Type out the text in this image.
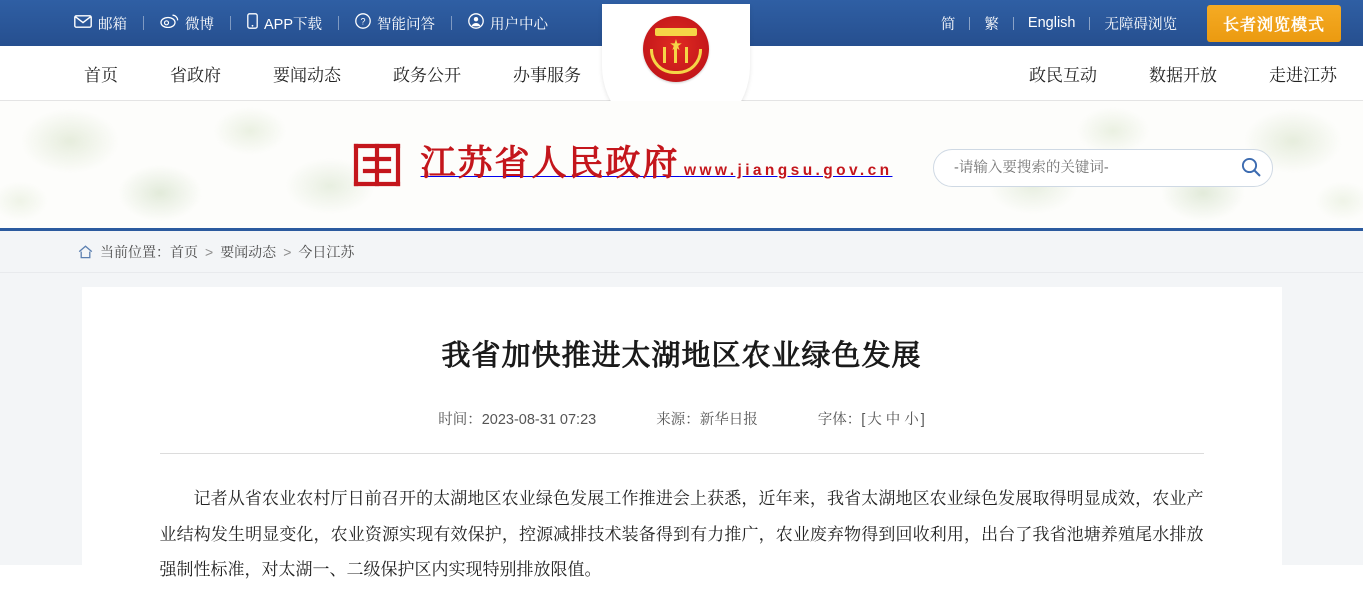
邮箱	微博	APP下载	? 智能问答	用户中心	简	繁	English	无障碍浏览	长者浏览模式
首页	省政府	要闻动态	政务公开	办事服务
★
政民互动	数据开放	走进江苏
江苏省人民政府 www.jiangsu.gov.cn
-请输入要搜索的关键词-
当前位置： 首页 > 要闻动态 > 今日江苏
我省加快推进太湖地区农业绿色发展
时间：2023-08-31 07:23	来源：新华日报	字体：[ 大 中 小 ]

记者从省农业农村厅日前召开的太湖地区农业绿色发展工作推进会上获悉，近年来，我省太湖地区农业绿色发展取得明显成效，农业产业结构发生明显变化，农业资源实现有效保护，控源减排技术装备得到有力推广，农业废弃物得到回收利用，出台了我省池塘养殖尾水排放强制性标准，对太湖一、二级保护区内实现特别排放限值。
